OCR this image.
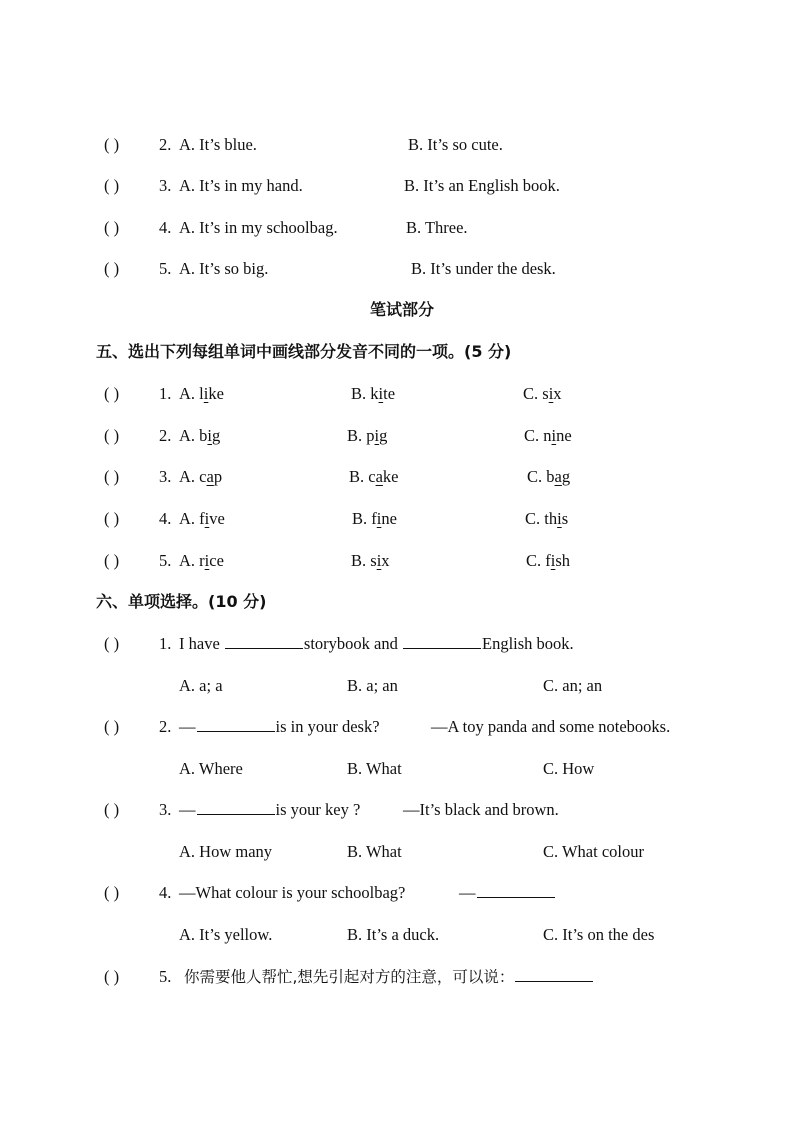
( ) 2. A. It’s blue.	B. It’s so cute.
( ) 3. A. It’s in my hand.	B. It’s an English book.
( ) 4. A. It’s in my schoolbag.	B. Three.
( ) 5. A. It’s so big.	B. It’s under the desk.
笔试部分
五、选出下列每组单词中画线部分发音不同的一项。(5 分)
( ) 1. A. like	B. kite	C. six
( ) 2. A. big	B. pig	C. nine
( ) 3. A. cap	B. cake	C. bag
( ) 4. A. five	B. fine	C. this
( ) 5. A. rice	B. six	C. fish
六、单项选择。(10 分)
( ) 1. I have	storybook and	English book.
A. a; a	B. a; an	C. an; an
( ) 2. —	is in your desk?	—A toy panda and some notebooks.
A. Where	B. What	C. How
( ) 3. —	is your key ?	—It’s black and brown.
A. How many	B. What	C. What colour
( ) 4. —What colour is your schoolbag?	—
A. It’s yellow.	B. It’s a duck.	C. It’s on the des
( ) 5. 你需要他人帮忙,想先引起对方的注意，可以说：
